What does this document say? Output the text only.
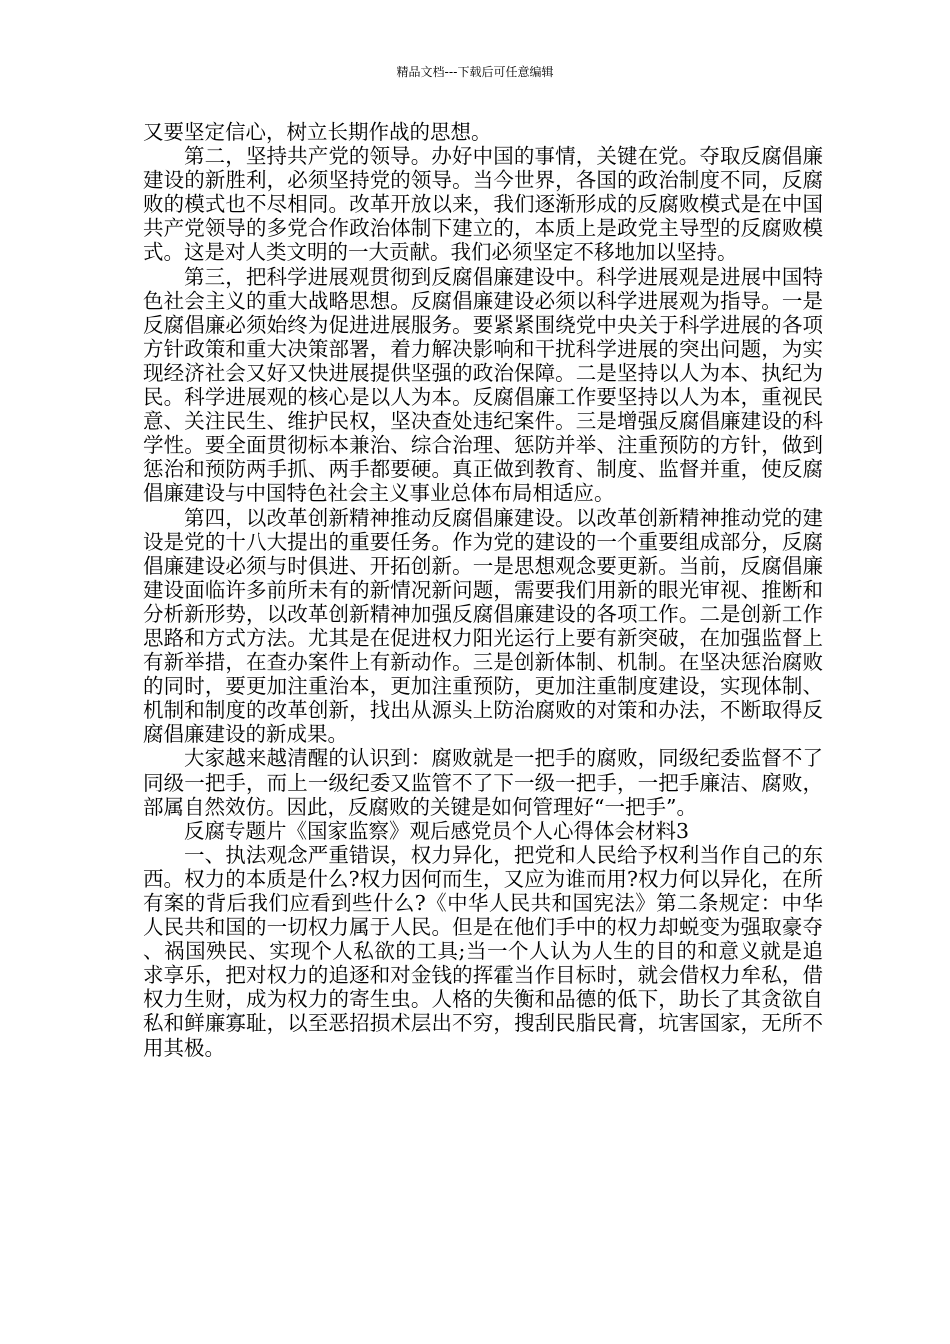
精品文档---下载后可任意编辑

又要坚定信心，树立长期作战的思想。

第二，坚持共产党的领导。办好中国的事情，关键在党。夺取反腐倡廉建设的新胜利，必须坚持党的领导。当今世界，各国的政治制度不同，反腐败的模式也不尽相同。改革开放以来，我们逐渐形成的反腐败模式是在中国共产党领导的多党合作政治体制下建立的，本质上是政党主导型的反腐败模式。这是对人类文明的一大贡献。我们必须坚定不移地加以坚持。

第三，把科学进展观贯彻到反腐倡廉建设中。科学进展观是进展中国特色社会主义的重大战略思想。反腐倡廉建设必须以科学进展观为指导。一是反腐倡廉必须始终为促进进展服务。要紧紧围绕党中央关于科学进展的各项方针政策和重大决策部署，着力解决影响和干扰科学进展的突出问题，为实现经济社会又好又快进展提供坚强的政治保障。二是坚持以人为本、执纪为民。科学进展观的核心是以人为本。反腐倡廉工作要坚持以人为本，重视民意、关注民生、维护民权，坚决查处违纪案件。三是增强反腐倡廉建设的科学性。要全面贯彻标本兼治、综合治理、惩防并举、注重预防的方针，做到惩治和预防两手抓、两手都要硬。真正做到教育、制度、监督并重，使反腐倡廉建设与中国特色社会主义事业总体布局相适应。

第四，以改革创新精神推动反腐倡廉建设。以改革创新精神推动党的建设是党的十八大提出的重要任务。作为党的建设的一个重要组成部分，反腐倡廉建设必须与时俱进、开拓创新。一是思想观念要更新。当前，反腐倡廉建设面临许多前所未有的新情况新问题，需要我们用新的眼光审视、推断和分析新形势，以改革创新精神加强反腐倡廉建设的各项工作。二是创新工作思路和方式方法。尤其是在促进权力阳光运行上要有新突破，在加强监督上有新举措，在查办案件上有新动作。三是创新体制、机制。在坚决惩治腐败的同时，要更加注重治本，更加注重预防，更加注重制度建设，实现体制、机制和制度的改革创新，找出从源头上防治腐败的对策和办法，不断取得反腐倡廉建设的新成果。

大家越来越清醒的认识到：腐败就是一把手的腐败，同级纪委监督不了同级一把手，而上一级纪委又监管不了下一级一把手，一把手廉洁、腐败，部属自然效仿。因此，反腐败的关键是如何管理好“一把手”。

反腐专题片《国家监察》观后感党员个人心得体会材料3

一、执法观念严重错误，权力异化，把党和人民给予权利当作自己的东西。权力的本质是什么?权力因何而生，又应为谁而用?权力何以异化，在所有案的背后我们应看到些什么?《中华人民共和国宪法》第二条规定：中华人民共和国的一切权力属于人民。但是在他们手中的权力却蜕变为强取豪夺、祸国殃民、实现个人私欲的工具;当一个人认为人生的目的和意义就是追求享乐，把对权力的追逐和对金钱的挥霍当作目标时，就会借权力牟私，借权力生财，成为权力的寄生虫。人格的失衡和品德的低下，助长了其贪欲自私和鲜廉寡耻，以至恶招损术层出不穷，搜刮民脂民膏，坑害国家，无所不用其极。
